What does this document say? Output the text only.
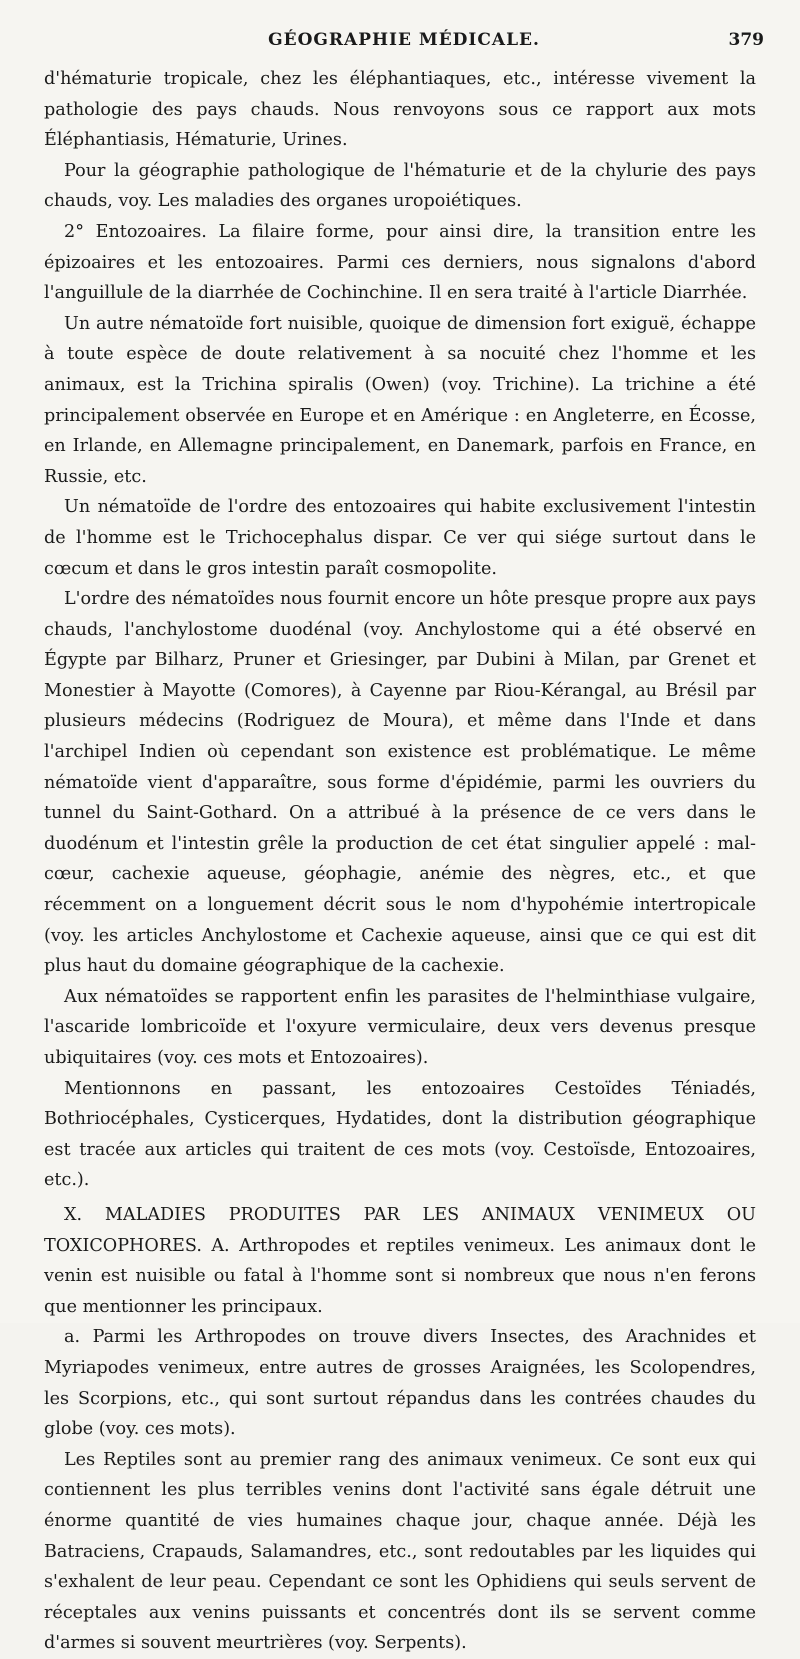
GÉOGRAPHIE MÉDICALE.	379

d'hématurie tropicale, chez les éléphantiaques, etc., intéresse vivement la pathologie des pays chauds. Nous renvoyons sous ce rapport aux mots Éléphantiasis, Hématurie, Urines.

Pour la géographie pathologique de l'hématurie et de la chylurie des pays chauds, voy. Les maladies des organes uropoiétiques.

2° Entozoaires. La filaire forme, pour ainsi dire, la transition entre les épizoaires et les entozoaires. Parmi ces derniers, nous signalons d'abord l'anguillule de la diarrhée de Cochinchine. Il en sera traité à l'article Diarrhée.

Un autre nématoïde fort nuisible, quoique de dimension fort exiguë, échappe à toute espèce de doute relativement à sa nocuité chez l'homme et les animaux, est la Trichina spiralis (Owen) (voy. Trichine). La trichine a été principalement observée en Europe et en Amérique : en Angleterre, en Écosse, en Irlande, en Allemagne principalement, en Danemark, parfois en France, en Russie, etc.

Un nématoïde de l'ordre des entozoaires qui habite exclusivement l'intestin de l'homme est le Trichocephalus dispar. Ce ver qui siége surtout dans le cœcum et dans le gros intestin paraît cosmopolite.

L'ordre des nématoïdes nous fournit encore un hôte presque propre aux pays chauds, l'anchylostome duodénal (voy. Anchylostome qui a été observé en Égypte par Bilharz, Pruner et Griesinger, par Dubini à Milan, par Grenet et Monestier à Mayotte (Comores), à Cayenne par Riou-Kérangal, au Brésil par plusieurs médecins (Rodriguez de Moura), et même dans l'Inde et dans l'archipel Indien où cependant son existence est problématique. Le même nématoïde vient d'apparaître, sous forme d'épidémie, parmi les ouvriers du tunnel du Saint-Gothard. On a attribué à la présence de ce vers dans le duodénum et l'intestin grêle la production de cet état singulier appelé : mal-cœur, cachexie aqueuse, géophagie, anémie des nègres, etc., et que récemment on a longuement décrit sous le nom d'hypohémie intertropicale (voy. les articles Anchylostome et Cachexie aqueuse, ainsi que ce qui est dit plus haut du domaine géographique de la cachexie.

Aux nématoïdes se rapportent enfin les parasites de l'helminthiase vulgaire, l'ascaride lombricoïde et l'oxyure vermiculaire, deux vers devenus presque ubiquitaires (voy. ces mots et Entozoaires).

Mentionnons en passant, les entozoaires Cestoïdes Téniadés, Bothriocéphales, Cysticerques, Hydatides, dont la distribution géographique est tracée aux articles qui traitent de ces mots (voy. Cestoïsde, Entozoaires, etc.).

X. MALADIES PRODUITES PAR LES ANIMAUX VENIMEUX OU TOXICOPHORES. A. Arthropodes et reptiles venimeux. Les animaux dont le venin est nuisible ou fatal à l'homme sont si nombreux que nous n'en ferons que mentionner les principaux.

a. Parmi les Arthropodes on trouve divers Insectes, des Arachnides et Myriapodes venimeux, entre autres de grosses Araignées, les Scolopendres, les Scorpions, etc., qui sont surtout répandus dans les contrées chaudes du globe (voy. ces mots).

Les Reptiles sont au premier rang des animaux venimeux. Ce sont eux qui contiennent les plus terribles venins dont l'activité sans égale détruit une énorme quantité de vies humaines chaque jour, chaque année. Déjà les Batraciens, Crapauds, Salamandres, etc., sont redoutables par les liquides qui s'exhalent de leur peau. Cependant ce sont les Ophidiens qui seuls servent de réceptales aux venins puissants et concentrés dont ils se servent comme d'armes si souvent meurtrières (voy. Serpents).
